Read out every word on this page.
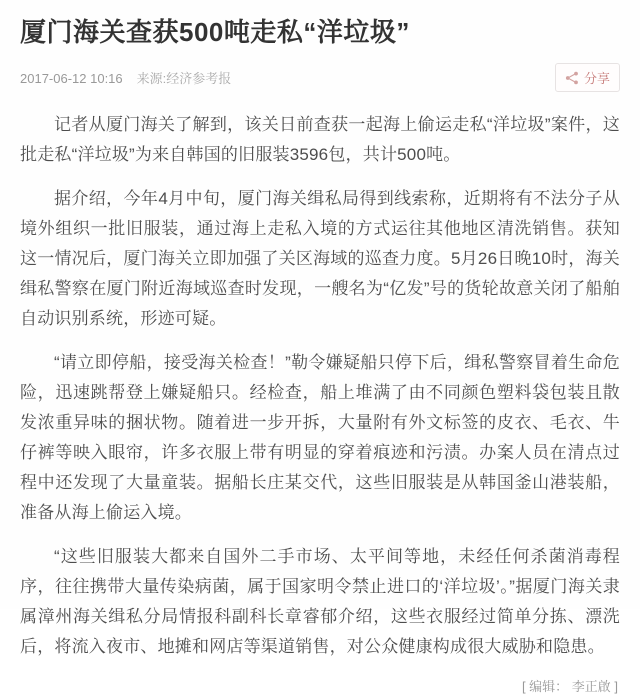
厦门海关查获500吨走私“洋垃圾”
2017-06-12 10:16 来源:经济参考报	分享

记者从厦门海关了解到，该关日前查获一起海上偷运走私“洋垃圾”案件，这批走私“洋垃圾”为来自韩国的旧服装3596包，共计500吨。

据介绍，今年4月中旬，厦门海关缉私局得到线索称，近期将有不法分子从境外组织一批旧服装，通过海上走私入境的方式运往其他地区清洗销售。获知这一情况后，厦门海关立即加强了关区海域的巡查力度。5月26日晚10时，海关缉私警察在厦门附近海域巡查时发现，一艘名为“亿发”号的货轮故意关闭了船舶自动识别系统，形迹可疑。

“请立即停船，接受海关检查！”勒令嫌疑船只停下后，缉私警察冒着生命危险，迅速跳帮登上嫌疑船只。经检查，船上堆满了由不同颜色塑料袋包装且散发浓重异味的捆状物。随着进一步开拆，大量附有外文标签的皮衣、毛衣、牛仔裤等映入眼帘，许多衣服上带有明显的穿着痕迹和污渍。办案人员在清点过程中还发现了大量童装。据船长庄某交代，这些旧服装是从韩国釜山港装船，准备从海上偷运入境。

“这些旧服装大都来自国外二手市场、太平间等地，未经任何杀菌消毒程序，往往携带大量传染病菌，属于国家明令禁止进口的‘洋垃圾’。”据厦门海关隶属漳州海关缉私分局情报科副科长章睿郁介绍，这些衣服经过简单分拣、漂洗后，将流入夜市、地摊和网店等渠道销售，对公众健康构成很大威胁和隐患。

[ 编辑： 李正啟 ]
